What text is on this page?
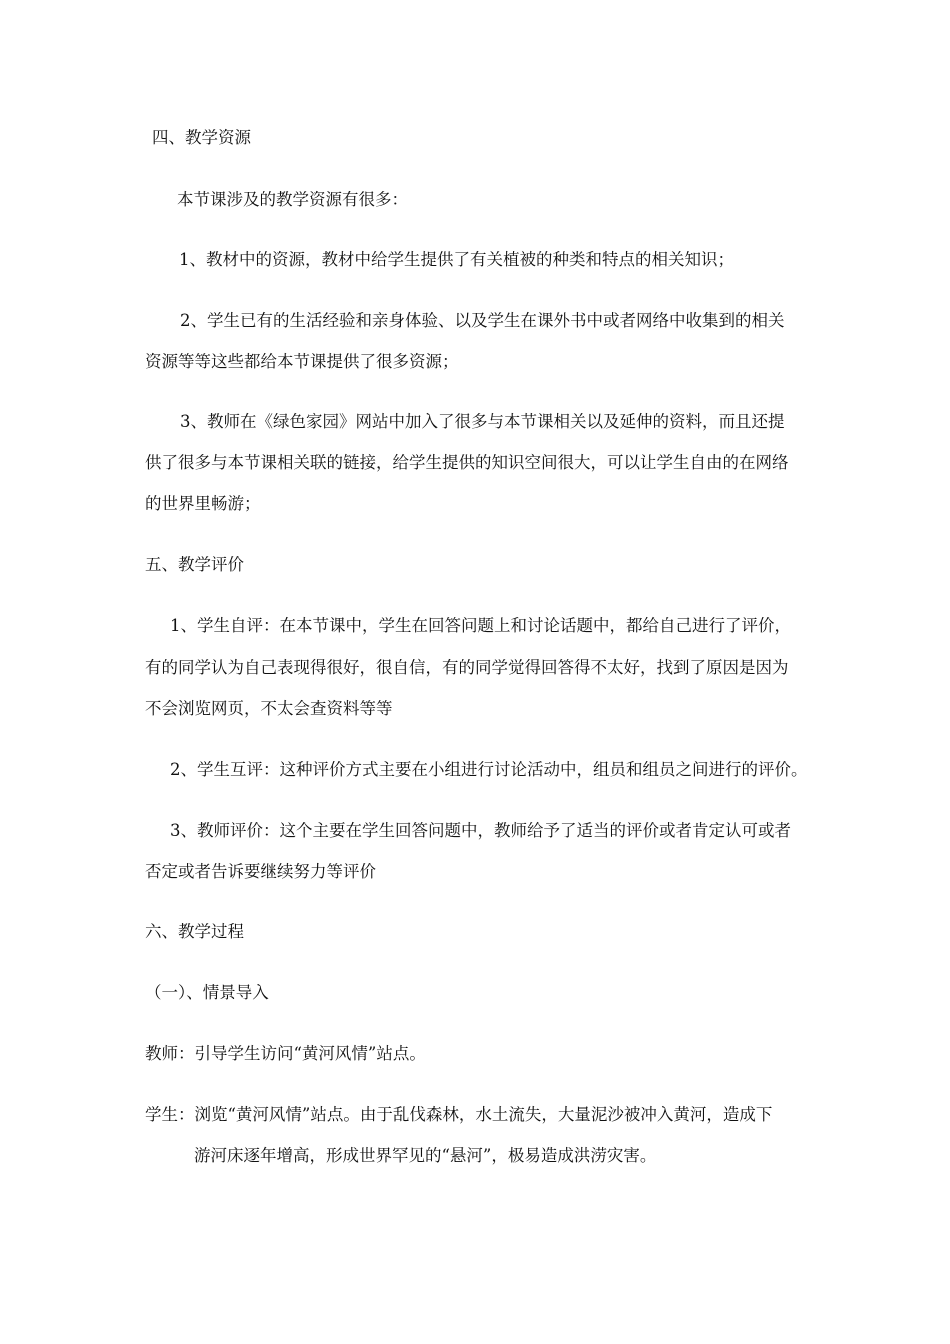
四、教学资源
本节课涉及的教学资源有很多：
1、教材中的资源，教材中给学生提供了有关植被的种类和特点的相关知识；
2、学生已有的生活经验和亲身体验、以及学生在课外书中或者网络中收集到的相关
资源等等这些都给本节课提供了很多资源；
3、教师在《绿色家园》网站中加入了很多与本节课相关以及延伸的资料，而且还提
供了很多与本节课相关联的链接，给学生提供的知识空间很大，可以让学生自由的在网络
的世界里畅游；
五、教学评价
1、学生自评：在本节课中，学生在回答问题上和讨论话题中，都给自己进行了评价，
有的同学认为自己表现得很好，很自信，有的同学觉得回答得不太好，找到了原因是因为
不会浏览网页，不太会查资料等等
2、学生互评：这种评价方式主要在小组进行讨论活动中，组员和组员之间进行的评价。
3、教师评价：这个主要在学生回答问题中，教师给予了适当的评价或者肯定认可或者
否定或者告诉要继续努力等评价
六、教学过程
（一）、情景导入
教师：引导学生访问“黄河风情”站点。
学生：浏览“黄河风情”站点。由于乱伐森林，水土流失，大量泥沙被冲入黄河，造成下
游河床逐年增高，形成世界罕见的“悬河”，极易造成洪涝灾害。
